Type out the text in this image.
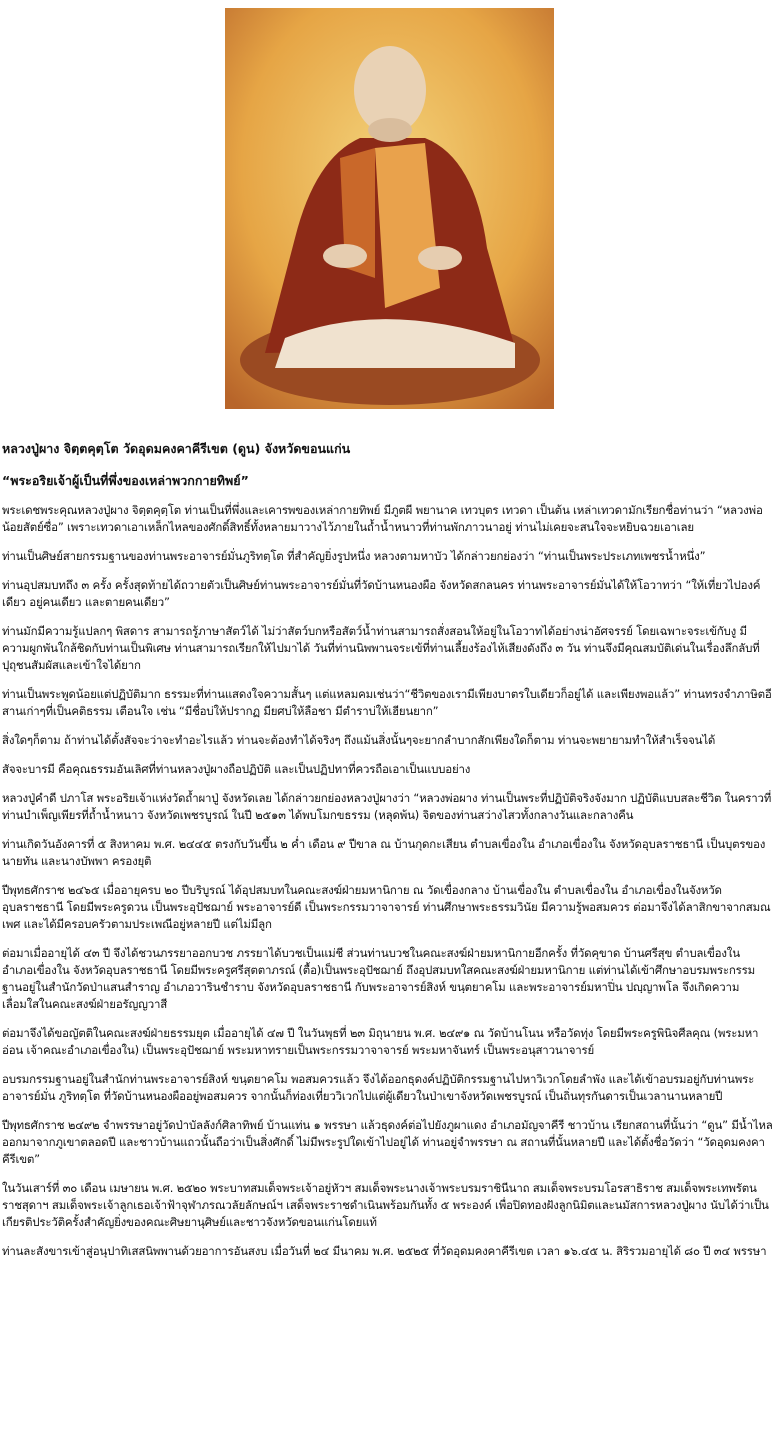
หลวงปู่ผาง จิตฺตคุตฺโต วัดอุดมคงคาคีรีเขต (ดูน) จังหวัดขอนแก่น
“พระอริยเจ้าผู้เป็นที่พึ่งของเหล่าพวกกายทิพย์”

พระเดชพระคุณหลวงปู่ผาง จิตฺตคุตฺโต ท่านเป็นที่พึ่งและเคารพของเหล่ากายทิพย์ มีภูตผี พยานาค เทวบุตร เทวดา เป็นต้น เหล่าเทวดามักเรียกชื่อท่านว่า “หลวงพ่อน้อยสัตย์ซื่อ” เพราะเทวดาเอาเหล็กไหลของศักดิ์สิทธิ์ทั้งหลายมาวางไว้ภายในถ้ำน้ำหนาวที่ท่านพักภาวนาอยู่ ท่านไม่เคยจะสนใจจะหยิบฉวยเอาเลย

ท่านเป็นศิษย์สายกรรมฐานของท่านพระอาจารย์มั่นภูริทตฺโต ที่สำคัญยิ่งรูปหนึ่ง หลวงตามหาบัว ได้กล่าวยกย่องว่า “ท่านเป็นพระประเภทเพชรน้ำหนึ่ง”

ท่านอุปสมบทถึง ๓ ครั้ง ครั้งสุดท้ายได้ถวายตัวเป็นศิษย์ท่านพระอาจารย์มั่นที่วัดบ้านหนองผือ จังหวัดสกลนคร ท่านพระอาจารย์มั่นได้ให้โอวาทว่า “ให้เที่ยวไปองค์เดียว อยู่คนเดียว และตายคนเดียว”

ท่านมักมีความรู้แปลกๆ พิสดาร สามารถรู้ภาษาสัตว์ได้ ไม่ว่าสัตว์บกหรือสัตว์น้ำท่านสามารถสั่งสอนให้อยู่ในโอวาทได้อย่างน่าอัศจรรย์ โดยเฉพาะจระเข้กับงู มีความผูกพันใกล้ชิดกับท่านเป็นพิเศษ ท่านสามารถเรียกให้ไปมาได้ วันที่ท่านนิพพานจระเข้ที่ท่านเลี้ยงร้องไห้เสียงดังถึง ๓ วัน ท่านจึงมีคุณสมบัติเด่นในเรื่องลึกลับที่ปุถุชนสัมผัสและเข้าใจได้ยาก

ท่านเป็นพระพูดน้อยแต่ปฏิบัติมาก ธรรมะที่ท่านแสดงใจความสั้นๆ แต่แหลมคมเช่นว่า“ชีวิตของเรามีเพียงบาตรใบเดียวก็อยู่ได้ และเพียงพอแล้ว” ท่านทรงจำภาษิตอีสานเก่าๆที่เป็นคติธรรม เตือนใจ เช่น “มีชื่อบ่ให้ปรากฏ มียศบ่ให้ลือชา มีตำราบ่ให้เฮียนยาก”

สิ่งใดๆก็ตาม ถ้าท่านได้ตั้งสัจจะว่าจะทำอะไรแล้ว ท่านจะต้องทำได้จริงๆ ถึงแม้นสิ่งนั้นๆจะยากลำบากสักเพียงใดก็ตาม ท่านจะพยายามทำให้สำเร็จจนได้

สัจจะบารมี คือคุณธรรมอันเลิศที่ท่านหลวงปู่ผางถือปฏิบัติ และเป็นปฏิปทาที่ควรถือเอาเป็นแบบอย่าง

หลวงปู่คำดี ปภาโส พระอริยเจ้าแห่งวัดถ้ำผาปู่ จังหวัดเลย ได้กล่าวยกย่องหลวงปู่ผางว่า “หลวงพ่อผาง ท่านเป็นพระที่ปฏิบัติจริงจังมาก ปฏิบัติแบบสละชีวิต ในคราวที่ท่านบำเพ็ญเพียรที่ถ้ำน้ำหนาว จังหวัดเพชรบูรณ์ ในปี ๒๕๑๓ ได้พบโมกขธรรม (หลุดพ้น) จิตของท่านสว่างไสวทั้งกลางวันและกลางคืน

ท่านเกิดวันอังคารที่ ๕ สิงหาคม พ.ศ. ๒๔๔๕ ตรงกับวันขึ้น ๒ ค่ำ เดือน ๙ ปีขาล ณ บ้านกุดกะเสียน ตำบลเขื่องใน อำเภอเขื่องใน จังหวัดอุบลราชธานี เป็นบุตรของ นายทัน และนางบัพพา ครองยุติ

ปีพุทธศักราช ๒๔๖๕ เมื่ออายุครบ ๒๐ ปีบริบูรณ์ ได้อุปสมบทในคณะสงฆ์ฝ่ายมหานิกาย ณ วัดเขื่องกลาง บ้านเขื่องใน ตำบลเขื่องใน อำเภอเขื่องในจังหวัดอุบลราชธานี โดยมีพระครูดวน เป็นพระอุปัชฌาย์ พระอาจารย์ดี เป็นพระกรรมวาจาจารย์ ท่านศึกษาพระธรรมวินัย มีความรู้พอสมควร ต่อมาจึงได้ลาสิกขาจากสมณเพศ และได้มีครอบครัวตามประเพณีอยู่หลายปี แต่ไม่มีลูก

ต่อมาเมื่ออายุได้ ๔๓ ปี จึงได้ชวนภรรยาออกบวช ภรรยาได้บวชเป็นแม่ชี ส่วนท่านบวชในคณะสงฆ์ฝ่ายมหานิกายอีกครั้ง ที่วัดคุขาด บ้านศรีสุข ตำบลเขื่องใน อำเภอเขื่องใน จังหวัดอุบลราชธานี โดยมีพระครูศรีสุตตาภรณ์ (ตื้อ)เป็นพระอุปัชฌาย์ ถึงอุปสมบทใสคณะสงฆ์ฝ่ายมหานิกาย แต่ท่านได้เข้าศึกษาอบรมพระกรรมฐานอยู่ในสำนักวัดป่าแสนสำราญ อำเภอวารินชำราบ จังหวัดอุบลราชธานี กับพระอาจารย์สิงห์ ขนฺตยาคโม และพระอาจารย์มหาปิ่น ปญฺญาพโล จึงเกิดความเลื่อมใสในคณะสงฆ์ฝ่ายอรัญญวาสี

ต่อมาจึงได้ขอญัตติในคณะสงฆ์ฝ่ายธรรมยุต เมื่ออายุได้ ๔๗ ปี ในวันพุธที่ ๒๓ มิถุนายน พ.ศ. ๒๔๙๑ ณ วัดบ้านโนน หรือวัดทุ่ง โดยมีพระครูพินิจศีลคุณ (พระมหาอ่อน เจ้าคณะอำเภอเขื่องใน) เป็นพระอุปัชฌาย์ พระมหาทรายเป็นพระกรรมวาจาจารย์ พระมหาจันทร์ เป็นพระอนุสาวนาจารย์

อบรมกรรมฐานอยู่ในสำนักท่านพระอาจารย์สิงห์ ขนฺตยาคโม พอสมควรแล้ว จึงได้ออกธุดงค์ปฏิบัติกรรมฐานไปหาวิเวกโดยลำพัง และได้เข้าอบรมอยู่กับท่านพระอาจารย์มั่น ภูริทตฺโต ที่วัดบ้านหนองผืออยู่พอสมควร จากนั้นก็ท่องเที่ยววิเวกไปแต่ผู้เดียวในป่าเขาจังหวัดเพชรบูรณ์ เป็นถิ่นทุรกันดารเป็นเวลานานหลายปี

ปีพุทธศักราช ๒๔๙๒ จำพรรษาอยู่วัดป่าบัลลังก์ศิลาทิพย์ บ้านแท่น ๑ พรรษา แล้วธุดงค์ต่อไปยังภูผาแดง อำเภอมัญจาคีรี ชาวบ้าน เรียกสถานที่นั้นว่า “ดูน” มีน้ำไหลออกมาจากภูเขาตลอดปี และชาวบ้านแถวนั้นถือว่าเป็นสิ่งศักดิ์ ไม่มีพระรูปใดเข้าไปอยู่ได้ ท่านอยู่จำพรรษา ณ สถานที่นั้นหลายปี และได้ตั้งชื่อวัดว่า “วัดอุดมคงคาคีรีเขต”

ในวันเสาร์ที่ ๓๐ เดือน เมษายน พ.ศ. ๒๕๒๐ พระบาทสมเด็จพระเจ้าอยู่หัวฯ สมเด็จพระนางเจ้าพระบรมราชินีนาถ สมเด็จพระบรมโอรสาธิราช สมเด็จพระเทพรัตนราชสุดาฯ สมเด็จพระเจ้าลูกเธอเจ้าฟ้าจุฬาภรณวลัยลักษณ์ฯ เสด็จพระราชดำเนินพร้อมกันทั้ง ๕ พระองค์ เพื่อปิดทองฝังลูกนิมิตและนมัสการหลวงปู่ผาง นับได้ว่าเป็นเกียรติประวัติครั้งสำคัญยิ่งของคณะศิษยานุศิษย์และชาวจังหวัดขอนแก่นโดยแท้

ท่านละสังขารเข้าสู่อนุปาทิเสสนิพพานด้วยอาการอันสงบ เมื่อวันที่ ๒๔ มีนาคม พ.ศ. ๒๕๒๕ ที่วัดอุดมคงคาคีรีเขต เวลา ๑๖.๔๕ น. สิริรวมอายุได้ ๘๐ ปี ๓๔ พรรษา
